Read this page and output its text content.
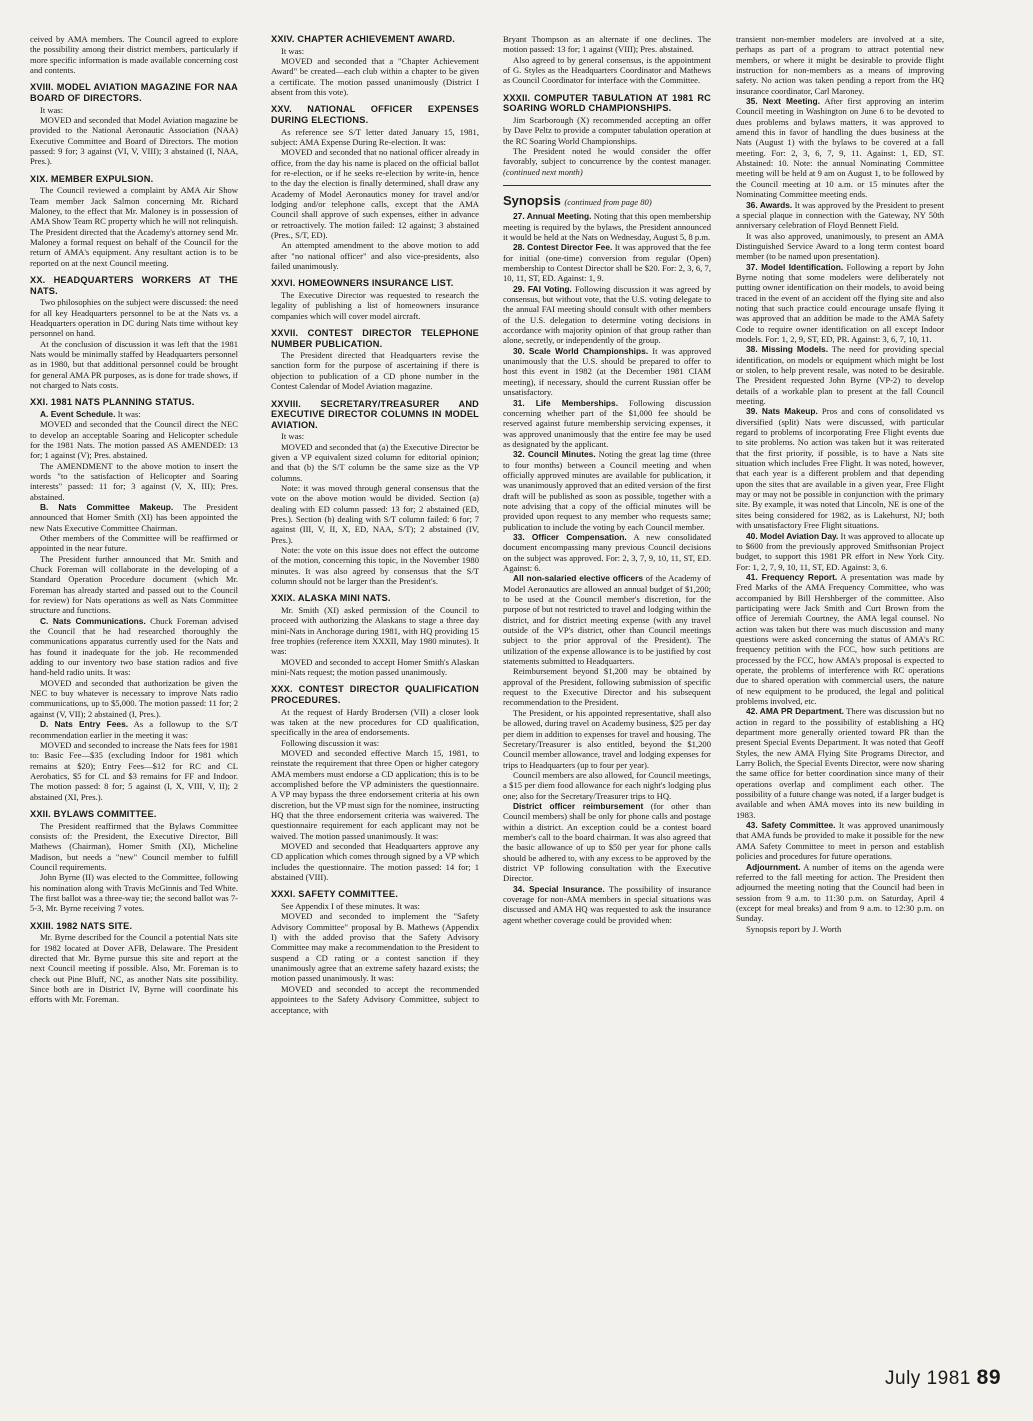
ceived by AMA members. The Council agreed to explore the possibility among their district members, particularly if more specific information is made available concerning cost and contents.

XVIII. MODEL AVIATION MAGAZINE FOR NAA BOARD OF DIRECTORS.

It was:

MOVED and seconded that Model Aviation magazine be provided to the National Aeronautic Association (NAA) Executive Committee and Board of Directors. The motion passed: 9 for; 3 against (VI, V, VIII); 3 abstained (I, NAA, Pres.).

XIX. MEMBER EXPULSION.

The Council reviewed a complaint by AMA Air Show Team member Jack Salmon concerning Mr. Richard Maloney, to the effect that Mr. Maloney is in possession of AMA Show Team RC property which he will not relinquish. The President directed that the Academy's attorney send Mr. Maloney a formal request on behalf of the Council for the return of AMA's equipment. Any resultant action is to be reported on at the next Council meeting.

XX. HEADQUARTERS WORKERS AT THE NATS.

Two philosophies on the subject were discussed: the need for all key Headquarters personnel to be at the Nats vs. a Headquarters operation in DC during Nats time without key personnel on hand.

At the conclusion of discussion it was left that the 1981 Nats would be minimally staffed by Headquarters personnel as in 1980, but that additional personnel could be brought for general AMA PR purposes, as is done for trade shows, if not charged to Nats costs.

XXI. 1981 NATS PLANNING STATUS.

A. Event Schedule. It was:

MOVED and seconded that the Council direct the NEC to develop an acceptable Soaring and Helicopter schedule for the 1981 Nats. The motion passed AS AMENDED: 13 for; 1 against (V); Pres. abstained.

The AMENDMENT to the above motion to insert the words "to the satisfaction of Helicopter and Soaring interests" passed: 11 for; 3 against (V, X, III); Pres. abstained.

B. Nats Committee Makeup. The President announced that Homer Smith (XI) has been appointed the new Nats Executive Committee Chairman.

Other members of the Committee will be reaffirmed or appointed in the near future.

The President further announced that Mr. Smith and Chuck Foreman will collaborate in the developing of a Standard Operation Procedure document (which Mr. Foreman has already started and passed out to the Council for review) for Nats operations as well as Nats Committee structure and functions.

C. Nats Communications. Chuck Foreman advised the Council that he had researched thoroughly the communications apparatus currently used for the Nats and has found it inadequate for the job. He recommended adding to our inventory two base station radios and five hand-held radio units. It was:

MOVED and seconded that authorization be given the NEC to buy whatever is necessary to improve Nats radio communications, up to $5,000. The motion passed: 11 for; 2 against (V, VII); 2 abstained (I, Pres.).

D. Nats Entry Fees. As a followup to the S/T recommendation earlier in the meeting it was:

MOVED and seconded to increase the Nats fees for 1981 to: Basic Fee—$35 (excluding Indoor for 1981 which remains at $20); Entry Fees—$12 for RC and CL Aerobatics, $5 for CL and $3 remains for FF and Indoor. The motion passed: 8 for; 5 against (I, X, VIII, V, II); 2 abstained (XI, Pres.).

XXII. BYLAWS COMMITTEE.

The President reaffirmed that the Bylaws Committee consists of: the President, the Executive Director, Bill Mathews (Chairman), Homer Smith (XI), Micheline Madison, but needs a "new" Council member to fulfill Council requirements.

John Byrne (II) was elected to the Committee, following his nomination along with Travis McGinnis and Ted White. The first ballot was a three-way tie; the second ballot was 7-5-3, Mr. Byrne receiving 7 votes.

XXIII. 1982 NATS SITE.

Mr. Byrne described for the Council a potential Nats site for 1982 located at Dover AFB, Delaware. The President directed that Mr. Byrne pursue this site and report at the next Council meeting if possible. Also, Mr. Foreman is to check out Pine Bluff, NC, as another Nats site possibility. Since both are in District IV, Byrne will coordinate his efforts with Mr. Foreman.

XXIV. CHAPTER ACHIEVEMENT AWARD.

It was:

MOVED and seconded that a "Chapter Achievement Award" be created—each club within a chapter to be given a certificate. The motion passed unanimously (District I absent from this vote).

XXV. NATIONAL OFFICER EXPENSES DURING ELECTIONS.

As reference see S/T letter dated January 15, 1981, subject: AMA Expense During Re-election. It was:

MOVED and seconded that no national officer already in office, from the day his name is placed on the official ballot for re-election, or if he seeks re-election by write-in, hence to the day the election is finally determined, shall draw any Academy of Model Aeronautics money for travel and/or lodging and/or telephone calls, except that the AMA Council shall approve of such expenses, either in advance or retroactively. The motion failed: 12 against; 3 abstained (Pres., S/T, ED).

An attempted amendment to the above motion to add after "no national officer" and also vice-presidents, also failed unanimously.

XXVI. HOMEOWNERS INSURANCE LIST.

The Executive Director was requested to research the legality of publishing a list of homeowners insurance companies which will cover model aircraft.

XXVII. CONTEST DIRECTOR TELEPHONE NUMBER PUBLICATION.

The President directed that Headquarters revise the sanction form for the purpose of ascertaining if there is objection to publication of a CD phone number in the Contest Calendar of Model Aviation magazine.

XXVIII. SECRETARY/TREASURER AND EXECUTIVE DIRECTOR COLUMNS IN MODEL AVIATION.

It was:

MOVED and seconded that (a) the Executive Director be given a VP equivalent sized column for editorial opinion; and that (b) the S/T column be the same size as the VP columns.

Note: it was moved through general consensus that the vote on the above motion would be divided. Section (a) dealing with ED column passed: 13 for; 2 abstained (ED, Pres.). Section (b) dealing with S/T column failed: 6 for; 7 against (III, V, II, X, ED, NAA, S/T); 2 abstained (IV, Pres.).

Note: the vote on this issue does not effect the outcome of the motion, concerning this topic, in the November 1980 minutes. It was also agreed by consensus that the S/T column should not be larger than the President's.

XXIX. ALASKA MINI NATS.

Mr. Smith (XI) asked permission of the Council to proceed with authorizing the Alaskans to stage a three day mini-Nats in Anchorage during 1981, with HQ providing 15 free trophies (reference item XXXII, May 1980 minutes). It was:

MOVED and seconded to accept Homer Smith's Alaskan mini-Nats request; the motion passed unanimously.

XXX. CONTEST DIRECTOR QUALIFICATION PROCEDURES.

At the request of Hardy Brodersen (VII) a closer look was taken at the new procedures for CD qualification, specifically in the area of endorsements.

Following discussion it was:

MOVED and seconded effective March 15, 1981, to reinstate the requirement that three Open or higher category AMA members must endorse a CD application; this is to be accomplished before the VP administers the questionnaire. A VP may bypass the three endorsement criteria at his own discretion, but the VP must sign for the nominee, instructing HQ that the three endorsement criteria was waivered. The questionnaire requirement for each applicant may not be waived. The motion passed unanimously. It was:

MOVED and seconded that Headquarters approve any CD application which comes through signed by a VP which includes the questionnaire. The motion passed: 14 for; 1 abstained (VIII).

XXXI. SAFETY COMMITTEE.

See Appendix I of these minutes. It was:

MOVED and seconded to implement the "Safety Advisory Committee" proposal by B. Mathews (Appendix I) with the added proviso that the Safety Advisory Committee may make a recommendation to the President to suspend a CD rating or a contest sanction if they unanimously agree that an extreme safety hazard exists; the motion passed unanimously. It was:

MOVED and seconded to accept the recommended appointees to the Safety Advisory Committee, subject to acceptance, with

Bryant Thompson as an alternate if one declines. The motion passed: 13 for; 1 against (VIII); Pres. abstained.

Also agreed to by general consensus, is the appointment of G. Styles as the Headquarters Coordinator and Mathews as Council Coordinator for interface with the Committee.

XXXII. COMPUTER TABULATION AT 1981 RC SOARING WORLD CHAMPIONSHIPS.

Jim Scarborough (X) recommended accepting an offer by Dave Peltz to provide a computer tabulation operation at the RC Soaring World Championships.

The President noted he would consider the offer favorably, subject to concurrence by the contest manager. (continued next month)

Synopsis (continued from page 80)

27. Annual Meeting. Noting that this open membership meeting is required by the bylaws, the President announced it would be held at the Nats on Wednesday, August 5, 8 p.m.

28. Contest Director Fee. It was approved that the fee for initial (one-time) conversion from regular (Open) membership to Contest Director shall be $20. For: 2, 3, 6, 7, 10, 11, ST, ED. Against: 1, 9.

29. FAI Voting. Following discussion it was agreed by consensus, but without vote, that the U.S. voting delegate to the annual FAI meeting should consult with other members of the U.S. delegation to determine voting decisions in accordance with majority opinion of that group rather than alone, secretly, or independently of the group.

30. Scale World Championships. It was approved unanimously that the U.S. should be prepared to offer to host this event in 1982 (at the December 1981 CIAM meeting), if necessary, should the current Russian offer be unsatisfactory.

31. Life Memberships. Following discussion concerning whether part of the $1,000 fee should be reserved against future membership servicing expenses, it was approved unanimously that the entire fee may be used as designated by the applicant.

32. Council Minutes. Noting the great lag time (three to four months) between a Council meeting and when officially approved minutes are available for publication, it was unanimously approved that an edited version of the first draft will be published as soon as possible, together with a note advising that a copy of the official minutes will be provided upon request to any member who requests same; publication to include the voting by each Council member.

33. Officer Compensation. A new consolidated document encompassing many previous Council decisions on the subject was approved. For: 2, 3, 7, 9, 10, 11, ST, ED. Against: 6.

All non-salaried elective officers of the Academy of Model Aeronautics are allowed an annual budget of $1,200; to be used at the Council member's discretion, for the purpose of but not restricted to travel and lodging within the district, and for district meeting expense (with any travel outside of the VP's district, other than Council meetings subject to the prior approval of the President). The utilization of the expense allowance is to be justified by cost statements submitted to Headquarters.

Reimbursement beyond $1,200 may be obtained by approval of the President, following submission of specific request to the Executive Director and his subsequent recommendation to the President.

The President, or his appointed representative, shall also be allowed, during travel on Academy business, $25 per day per diem in addition to expenses for travel and housing. The Secretary/Treasurer is also entitled, beyond the $1,200 Council member allowance, travel and lodging expenses for trips to Headquarters (up to four per year).

Council members are also allowed, for Council meetings, a $15 per diem food allowance for each night's lodging plus one; also for the Secretary/Treasurer trips to HQ.

District officer reimbursement (for other than Council members) shall be only for phone calls and postage within a district. An exception could be a contest board member's call to the board chairman. It was also agreed that the basic allowance of up to $50 per year for phone calls should be adhered to, with any excess to be approved by the district VP following consultation with the Executive Director.

34. Special Insurance. The possibility of insurance coverage for non-AMA members in special situations was discussed and AMA HQ was requested to ask the insurance agent whether coverage could be provided when:

transient non-member modelers are involved at a site, perhaps as part of a program to attract potential new members, or where it might be desirable to provide flight instruction for non-members as a means of improving safety. No action was taken pending a report from the HQ insurance coordinator, Carl Maroney.

35. Next Meeting. After first approving an interim Council meeting in Washington on June 6 to be devoted to dues problems and bylaws matters, it was approved to amend this in favor of handling the dues business at the Nats (August 1) with the bylaws to be covered at a fall meeting. For: 2, 3, 6, 7, 9, 11. Against: 1, ED, ST. Abstained: 10. Note: the annual Nominating Committee meeting will be held at 9 am on August 1, to be followed by the Council meeting at 10 a.m. or 15 minutes after the Nominating Committee meeting ends.

36. Awards. It was approved by the President to present a special plaque in connection with the Gateway, NY 50th anniversary celebration of Floyd Bennett Field.

It was also approved, unanimously, to present an AMA Distinguished Service Award to a long term contest board member (to be named upon presentation).

37. Model Identification. Following a report by John Byrne noting that some modelers were deliberately not putting owner identification on their models, to avoid being traced in the event of an accident off the flying site and also noting that such practice could encourage unsafe flying it was approved that an addition be made to the AMA Safety Code to require owner identification on all except Indoor models. For: 1, 2, 9, ST, ED, PR. Against: 3, 6, 7, 10, 11.

38. Missing Models. The need for providing special identification, on models or equipment which might be lost or stolen, to help prevent resale, was noted to be desirable. The President requested John Byrne (VP-2) to develop details of a workable plan to present at the fall Council meeting.

39. Nats Makeup. Pros and cons of consolidated vs diversified (split) Nats were discussed, with particular regard to problems of incorporating Free Flight events due to site problems. No action was taken but it was reiterated that the first priority, if possible, is to have a Nats site situation which includes Free Flight. It was noted, however, that each year is a different problem and that depending upon the sites that are available in a given year, Free Flight may or may not be possible in conjunction with the primary site. By example, it was noted that Lincoln, NE is one of the sites being considered for 1982, as is Lakehurst, NJ; both with unsatisfactory Free Flight situations.

40. Model Aviation Day. It was approved to allocate up to $600 from the previously approved Smithsonian Project budget, to support this 1981 PR effort in New York City. For: 1, 2, 7, 9, 10, 11, ST, ED. Against: 3, 6.

41. Frequency Report. A presentation was made by Fred Marks of the AMA Frequency Committee, who was accompanied by Bill Hershberger of the committee. Also participating were Jack Smith and Curt Brown from the office of Jeremiah Courtney, the AMA legal counsel. No action was taken but there was much discussion and many questions were asked concerning the status of AMA's RC frequency petition with the FCC, how such petitions are processed by the FCC, how AMA's proposal is expected to operate, the problems of interference with RC operations due to shared operation with commercial users, the nature of new equipment to be produced, the legal and political problems involved, etc.

42. AMA PR Department. There was discussion but no action in regard to the possibility of establishing a HQ department more generally oriented toward PR than the present Special Events Department. It was noted that Geoff Styles, the new AMA Flying Site Programs Director, and Larry Bolich, the Special Events Director, were now sharing the same office for better coordination since many of their operations overlap and compliment each other. The possibility of a future change was noted, if a larger budget is available and when AMA moves into its new building in 1983.

43. Safety Committee. It was approved unanimously that AMA funds be provided to make it possible for the new AMA Safety Committee to meet in person and establish policies and procedures for future operations.

Adjournment. A number of items on the agenda were referred to the fall meeting for action. The President then adjourned the meeting noting that the Council had been in session from 9 a.m. to 11:30 p.m. on Saturday, April 4 (except for meal breaks) and from 9 a.m. to 12:30 p.m. on Sunday.

Synopsis report by J. Worth

July 1981 89
